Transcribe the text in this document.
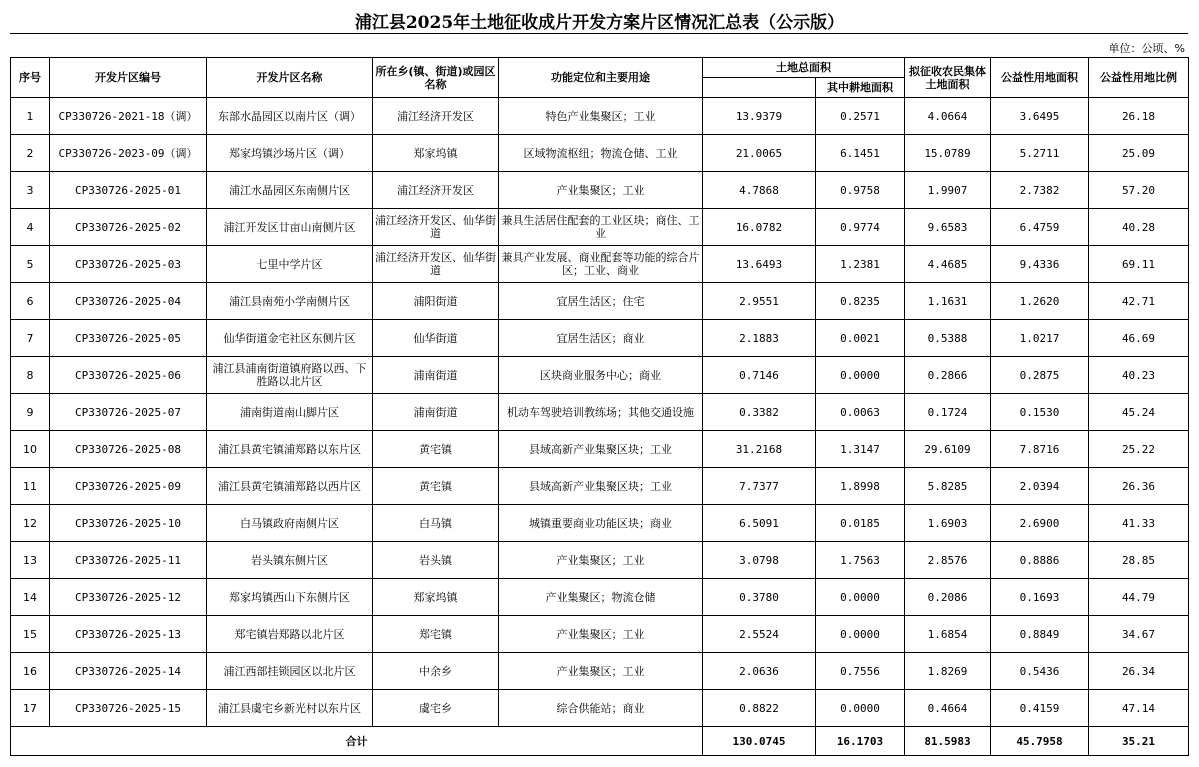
浦江县2025年土地征收成片开发方案片区情况汇总表（公示版）
单位：公顷、%
序号	开发片区编号	开发片区名称	所在乡(镇、街道)或园区名称	功能定位和主要用途	土地总面积		拟征收农民集体土地面积	公益性用地面积	公益性用地比例
						其中耕地面积			
1	CP330726-2021-18（调）	东部水晶园区以南片区（调）	浦江经济开发区	特色产业集聚区；工业	13.9379	0.2571	4.0664	3.6495	26.18
2	CP330726-2023-09（调）	郑家坞镇沙场片区（调）	郑家坞镇	区域物流枢纽；物流仓储、工业	21.0065	6.1451	15.0789	5.2711	25.09
3	CP330726-2025-01	浦江水晶园区东南侧片区	浦江经济开发区	产业集聚区；工业	4.7868	0.9758	1.9907	2.7382	57.20
4	CP330726-2025-02	浦江开发区廿亩山南侧片区	浦江经济开发区、仙华街道	兼具生活居住配套的工业区块；商住、工业	16.0782	0.9774	9.6583	6.4759	40.28
5	CP330726-2025-03	七里中学片区	浦江经济开发区、仙华街道	兼具产业发展、商业配套等功能的综合片区；工业、商业	13.6493	1.2381	4.4685	9.4336	69.11
6	CP330726-2025-04	浦江县南苑小学南侧片区	浦阳街道	宜居生活区；住宅	2.9551	0.8235	1.1631	1.2620	42.71
7	CP330726-2025-05	仙华街道金宅社区东侧片区	仙华街道	宜居生活区；商业	2.1883	0.0021	0.5388	1.0217	46.69
8	CP330726-2025-06	浦江县浦南街道镇府路以西、下胜路以北片区	浦南街道	区块商业服务中心；商业	0.7146	0.0000	0.2866	0.2875	40.23
9	CP330726-2025-07	浦南街道南山脚片区	浦南街道	机动车驾驶培训教练场；其他交通设施	0.3382	0.0063	0.1724	0.1530	45.24
10	CP330726-2025-08	浦江县黄宅镇浦郑路以东片区	黄宅镇	县域高新产业集聚区块；工业	31.2168	1.3147	29.6109	7.8716	25.22
11	CP330726-2025-09	浦江县黄宅镇浦郑路以西片区	黄宅镇	县域高新产业集聚区块；工业	7.7377	1.8998	5.8285	2.0394	26.36
12	CP330726-2025-10	白马镇政府南侧片区	白马镇	城镇重要商业功能区块；商业	6.5091	0.0185	1.6903	2.6900	41.33
13	CP330726-2025-11	岩头镇东侧片区	岩头镇	产业集聚区；工业	3.0798	1.7563	2.8576	0.8886	28.85
14	CP330726-2025-12	郑家坞镇西山下东侧片区	郑家坞镇	产业集聚区；物流仓储	0.3780	0.0000	0.2086	0.1693	44.79
15	CP330726-2025-13	郑宅镇岩郑路以北片区	郑宅镇	产业集聚区；工业	2.5524	0.0000	1.6854	0.8849	34.67
16	CP330726-2025-14	浦江西部挂锁园区以北片区	中余乡	产业集聚区；工业	2.0636	0.7556	1.8269	0.5436	26.34
17	CP330726-2025-15	浦江县虞宅乡新光村以东片区	虞宅乡	综合供能站；商业	0.8822	0.0000	0.4664	0.4159	47.14
合计					130.0745	16.1703	81.5983	45.7958	35.21
